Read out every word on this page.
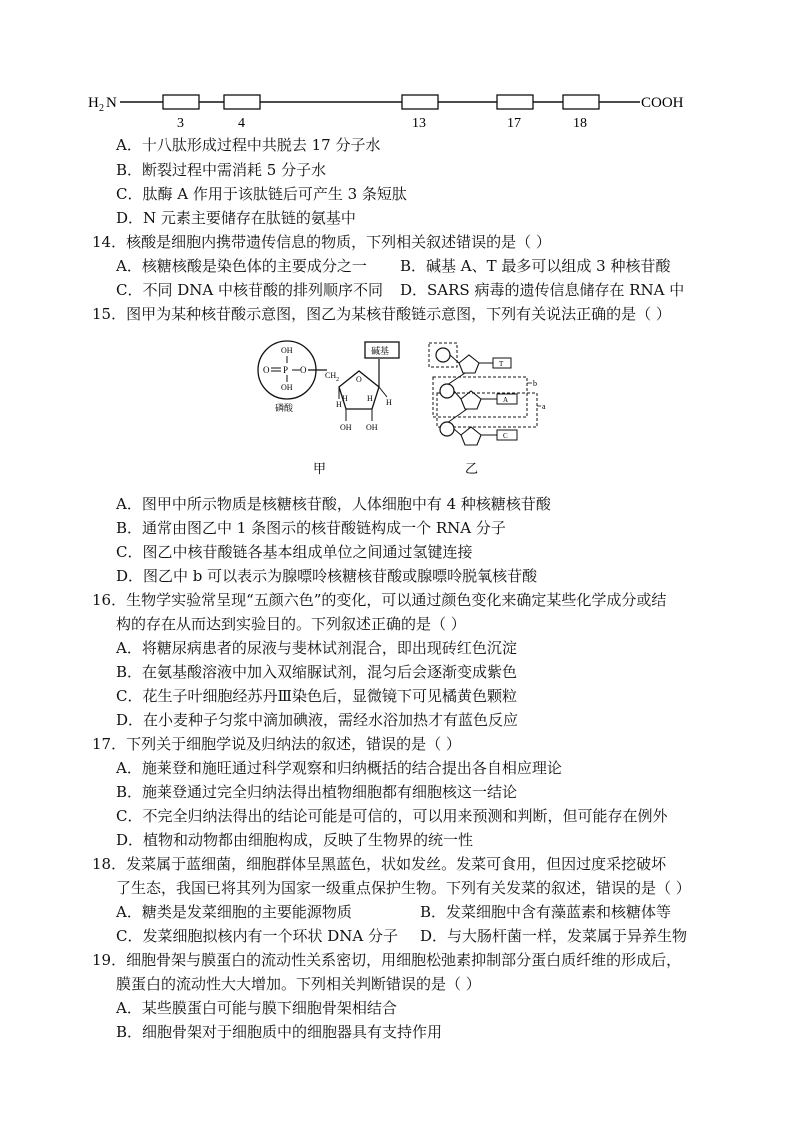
H 2 N	COOH
3	4	13	17	18
A．十八肽形成过程中共脱去 17 分子水
B．断裂过程中需消耗 5 分子水
C．肽酶 A 作用于该肽链后可产生 3 条短肽
D．N 元素主要储存在肽链的氨基中
14．核酸是细胞内携带遗传信息的物质，下列相关叙述错误的是（ ）
A．核糖核酸是染色体的主要成分之一 B．碱基 A、T 最多可以组成 3 种核苷酸
C．不同 DNA 中核苷酸的排列顺序不同 D．SARS 病毒的遗传信息储存在 RNA 中
15．图甲为某种核苷酸示意图，图乙为某核苷酸链示意图，下列有关说法正确的是（ ）
OH
O P O
OH
磷酸
CH 2 O
碱基
H	H
H H
OH OH
甲
T
b
a
A
C
乙
A．图甲中所示物质是核糖核苷酸，人体细胞中有 4 种核糖核苷酸
B．通常由图乙中 1 条图示的核苷酸链构成一个 RNA 分子
C．图乙中核苷酸链各基本组成单位之间通过氢键连接
D．图乙中 b 可以表示为腺嘌呤核糖核苷酸或腺嘌呤脱氧核苷酸
16．生物学实验常呈现“五颜六色”的变化，可以通过颜色变化来确定某些化学成分或结
构的存在从而达到实验目的。下列叙述正确的是（ ）
A．将糖尿病患者的尿液与斐林试剂混合，即出现砖红色沉淀
B．在氨基酸溶液中加入双缩脲试剂，混匀后会逐渐变成紫色
C．花生子叶细胞经苏丹Ⅲ染色后，显微镜下可见橘黄色颗粒
D．在小麦种子匀浆中滴加碘液，需经水浴加热才有蓝色反应
17．下列关于细胞学说及归纳法的叙述，错误的是（ ）
A．施莱登和施旺通过科学观察和归纳概括的结合提出各自相应理论
B．施莱登通过完全归纳法得出植物细胞都有细胞核这一结论
C．不完全归纳法得出的结论可能是可信的，可以用来预测和判断，但可能存在例外
D．植物和动物都由细胞构成，反映了生物界的统一性
18．发菜属于蓝细菌，细胞群体呈黑蓝色，状如发丝。发菜可食用，但因过度采挖破坏
了生态，我国已将其列为国家一级重点保护生物。下列有关发菜的叙述，错误的是（ ）
A．糖类是发菜细胞的主要能源物质	B．发菜细胞中含有藻蓝素和核糖体等
C．发菜细胞拟核内有一个环状 DNA 分子 D．与大肠杆菌一样，发菜属于异养生物
19．细胞骨架与膜蛋白的流动性关系密切，用细胞松弛素抑制部分蛋白质纤维的形成后，
膜蛋白的流动性大大增加。下列相关判断错误的是（ ）
A．某些膜蛋白可能与膜下细胞骨架相结合
B．细胞骨架对于细胞质中的细胞器具有支持作用
